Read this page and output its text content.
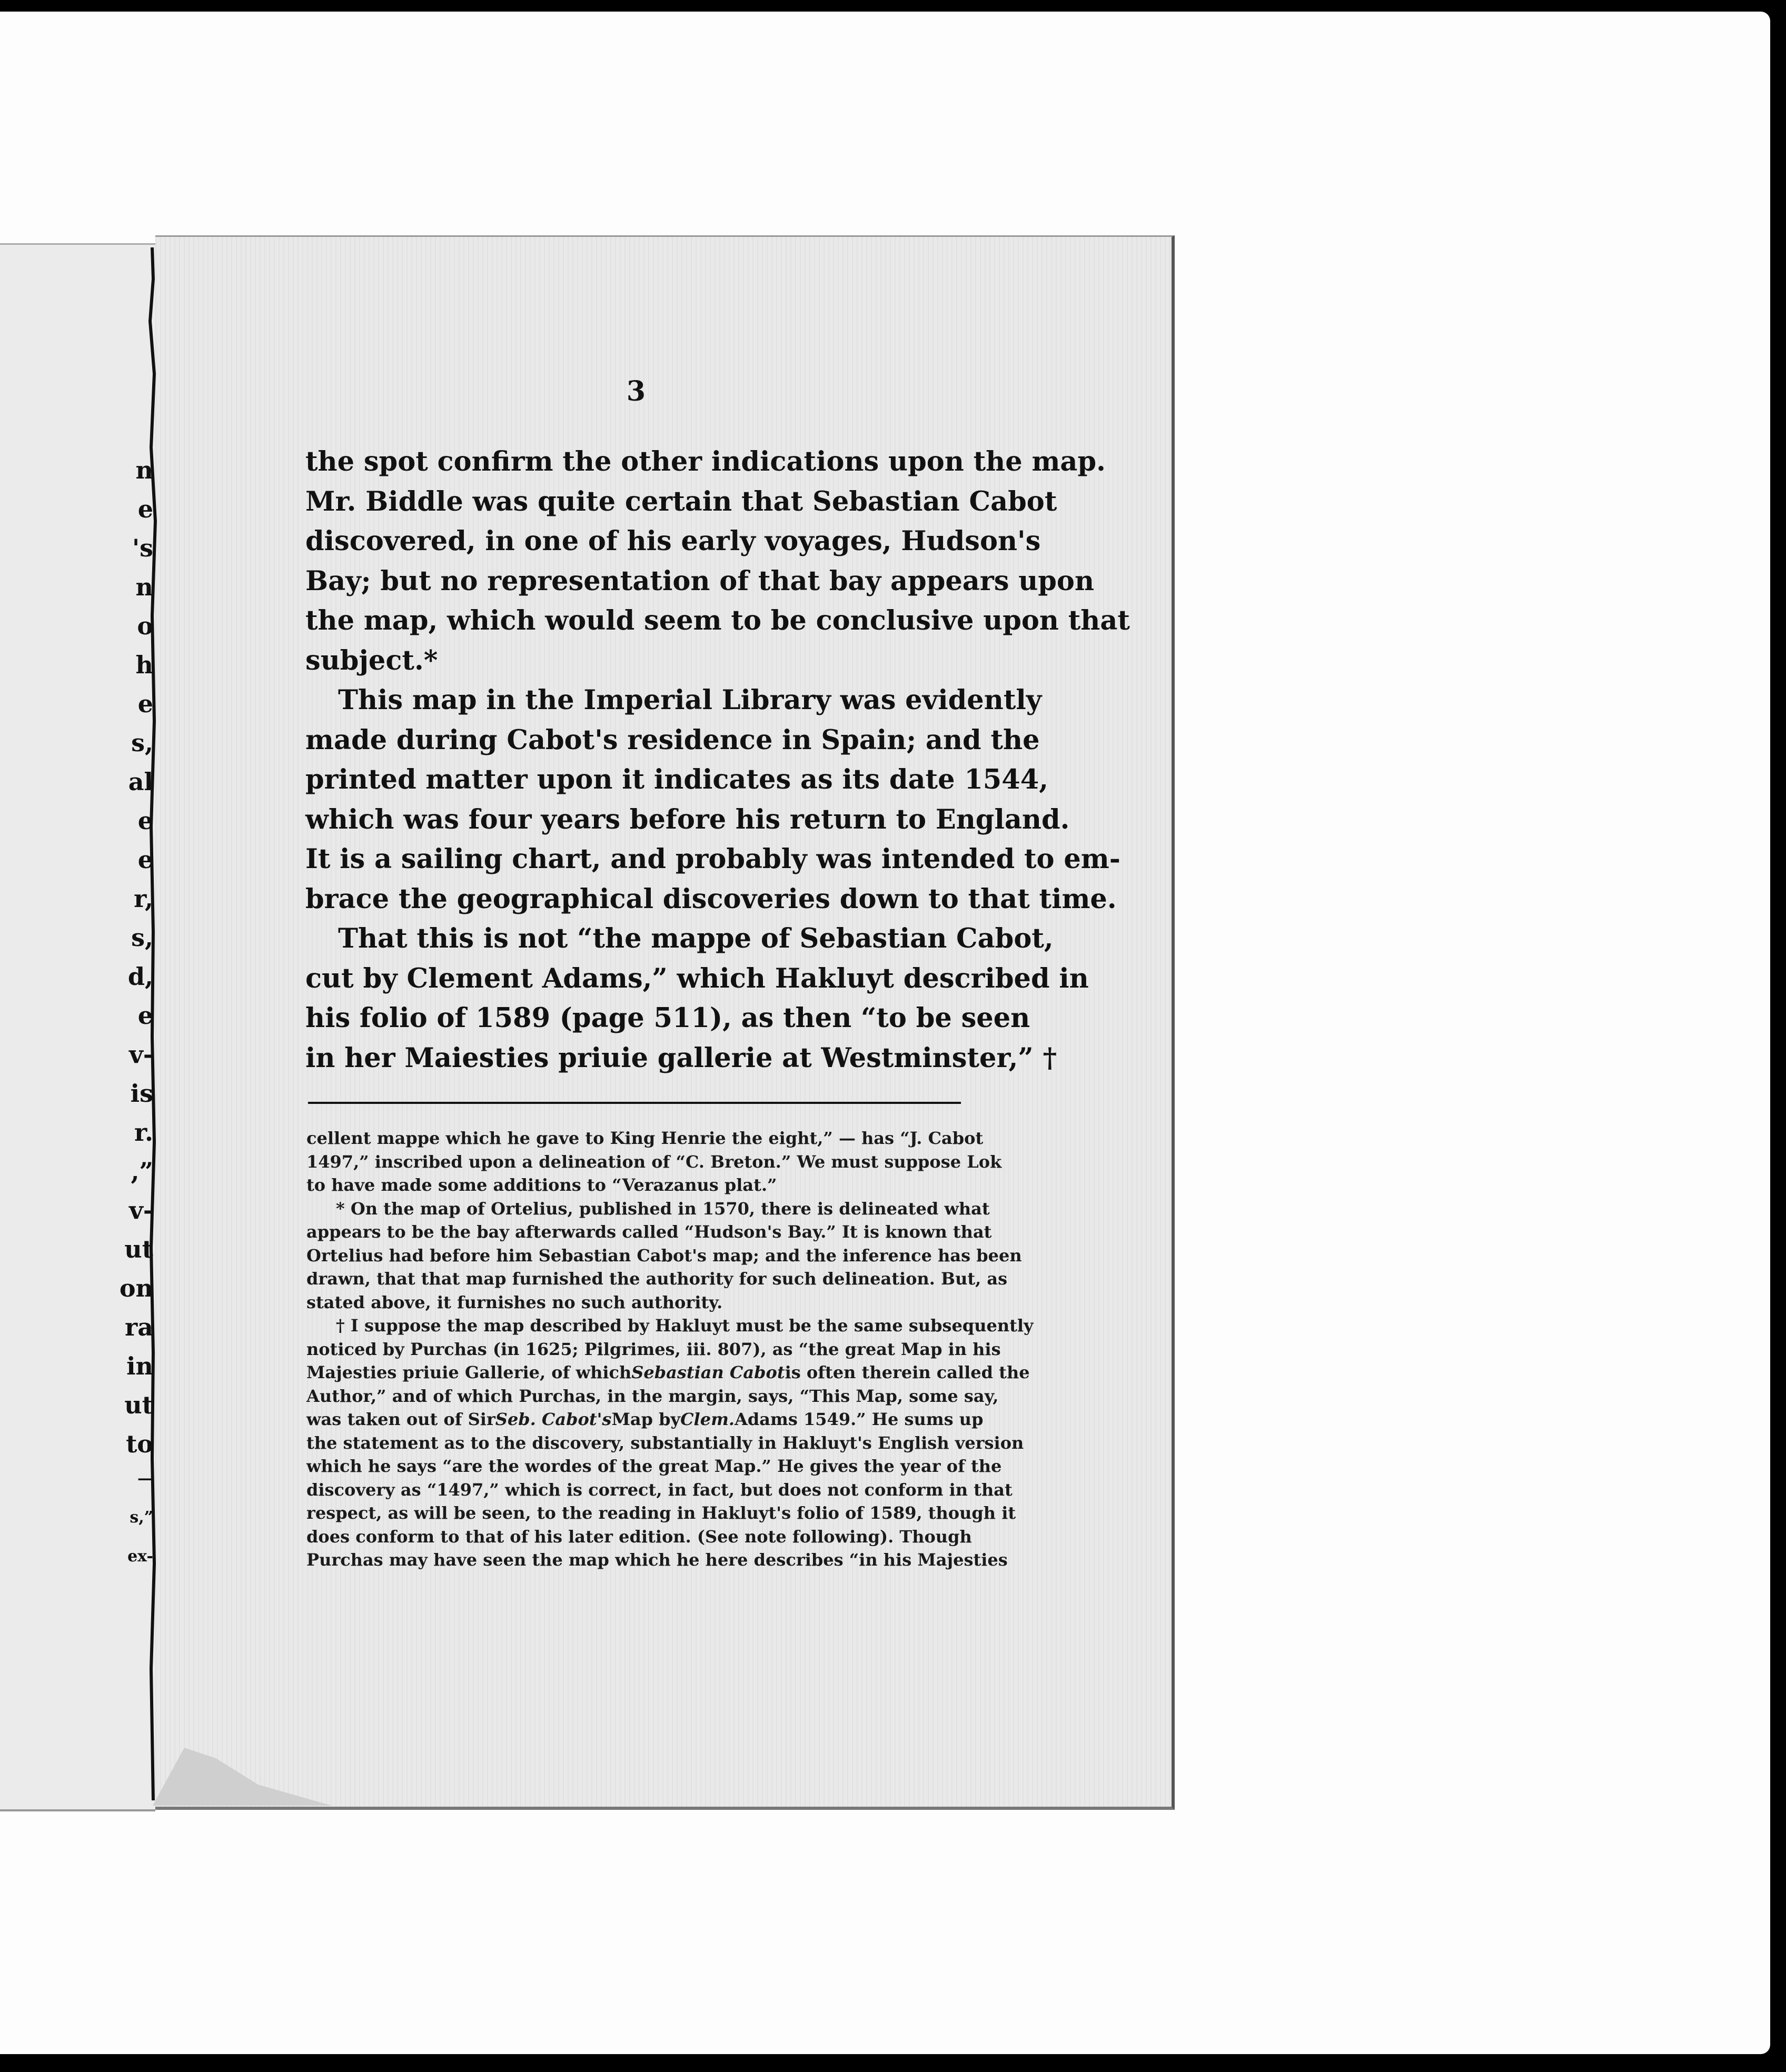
n
e
's
n
o
h
e
s,
al
e
e
r,
s,
d,
e
v-
is
r.
,”
v-
ut
on
ra
in
ut
to
—
s,”
ex-
3
the spot confirm the other indications upon the map.
Mr. Biddle was quite certain that Sebastian Cabot
discovered, in one of his early voyages, Hudson's
Bay; but no representation of that bay appears upon
the map, which would seem to be conclusive upon that
subject.*
This map in the Imperial Library was evidently
made during Cabot's residence in Spain; and the
printed matter upon it indicates as its date 1544,
which was four years before his return to England.
It is a sailing chart, and probably was intended to em-
brace the geographical discoveries down to that time.
That this is not “the mappe of Sebastian Cabot,
cut by Clement Adams,” which Hakluyt described in
his folio of 1589 (page 511), as then “to be seen
in her Maiesties priuie gallerie at Westminster,” †
cellent mappe which he gave to King Henrie the eight,” — has “J. Cabot
1497,” inscribed upon a delineation of “C. Breton.” We must suppose Lok
to have made some additions to “Verazanus plat.”
* On the map of Ortelius, published in 1570, there is delineated what
appears to be the bay afterwards called “Hudson's Bay.” It is known that
Ortelius had before him Sebastian Cabot's map; and the inference has been
drawn, that that map furnished the authority for such delineation. But, as
stated above, it furnishes no such authority.
† I suppose the map described by Hakluyt must be the same subsequently
noticed by Purchas (in 1625; Pilgrimes, iii. 807), as “the great Map in his
Majesties priuie Gallerie, of which Sebastian Cabot is often therein called the
Author,” and of which Purchas, in the margin, says, “This Map, some say,
was taken out of Sir Seb. Cabot's Map by Clem. Adams 1549.” He sums up
the statement as to the discovery, substantially in Hakluyt's English version
which he says “are the wordes of the great Map.” He gives the year of the
discovery as “1497,” which is correct, in fact, but does not conform in that
respect, as will be seen, to the reading in Hakluyt's folio of 1589, though it
does conform to that of his later edition. (See note following). Though
Purchas may have seen the map which he here describes “in his Majesties
